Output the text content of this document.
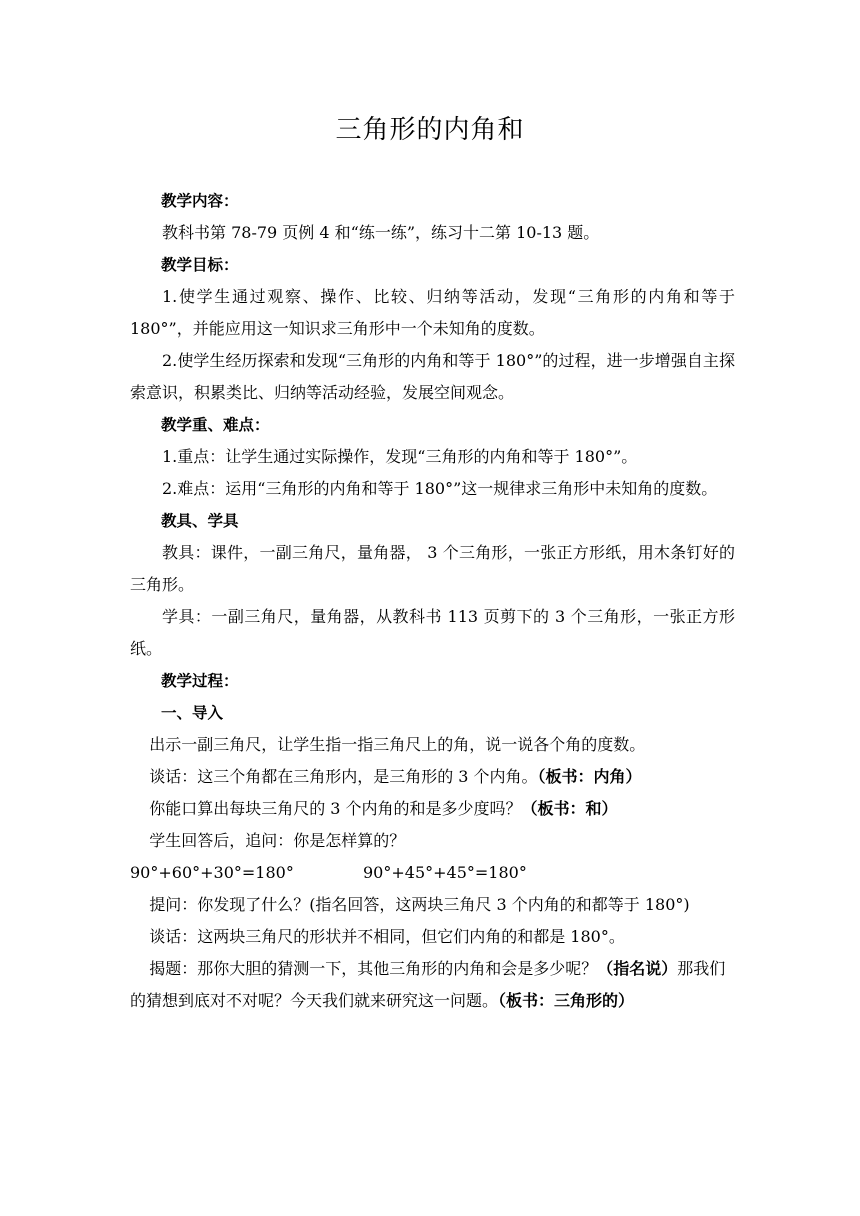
三角形的内角和

教学内容：

教科书第 78-79 页例 4 和“练一练”，练习十二第 10-13 题。

教学目标：

1.使学生通过观察、操作、比较、归纳等活动，发现“三角形的内角和等于180°”，并能应用这一知识求三角形中一个未知角的度数。

2.使学生经历探索和发现“三角形的内角和等于 180°”的过程，进一步增强自主探索意识，积累类比、归纳等活动经验，发展空间观念。

教学重、难点：

1.重点：让学生通过实际操作，发现“三角形的内角和等于 180°”。

2.难点：运用“三角形的内角和等于 180°”这一规律求三角形中未知角的度数。

教具、学具

教具：课件，一副三角尺，量角器， 3 个三角形，一张正方形纸，用木条钉好的三角形。

学具：一副三角尺，量角器，从教科书 113 页剪下的 3 个三角形，一张正方形纸。

教学过程：

一、导入

出示一副三角尺，让学生指一指三角尺上的角，说一说各个角的度数。

谈话：这三个角都在三角形内，是三角形的 3 个内角。（板书：内角）

你能口算出每块三角尺的 3 个内角的和是多少度吗？（板书：和）

学生回答后，追问：你是怎样算的？

90°+60°+30°=180°	90°+45°+45°=180°

提问：你发现了什么？(指名回答，这两块三角尺 3 个内角的和都等于 180°)

谈话：这两块三角尺的形状并不相同，但它们内角的和都是 180°。

揭题：那你大胆的猜测一下，其他三角形的内角和会是多少呢？（指名说）那我们的猜想到底对不对呢？今天我们就来研究这一问题。（板书：三角形的）
